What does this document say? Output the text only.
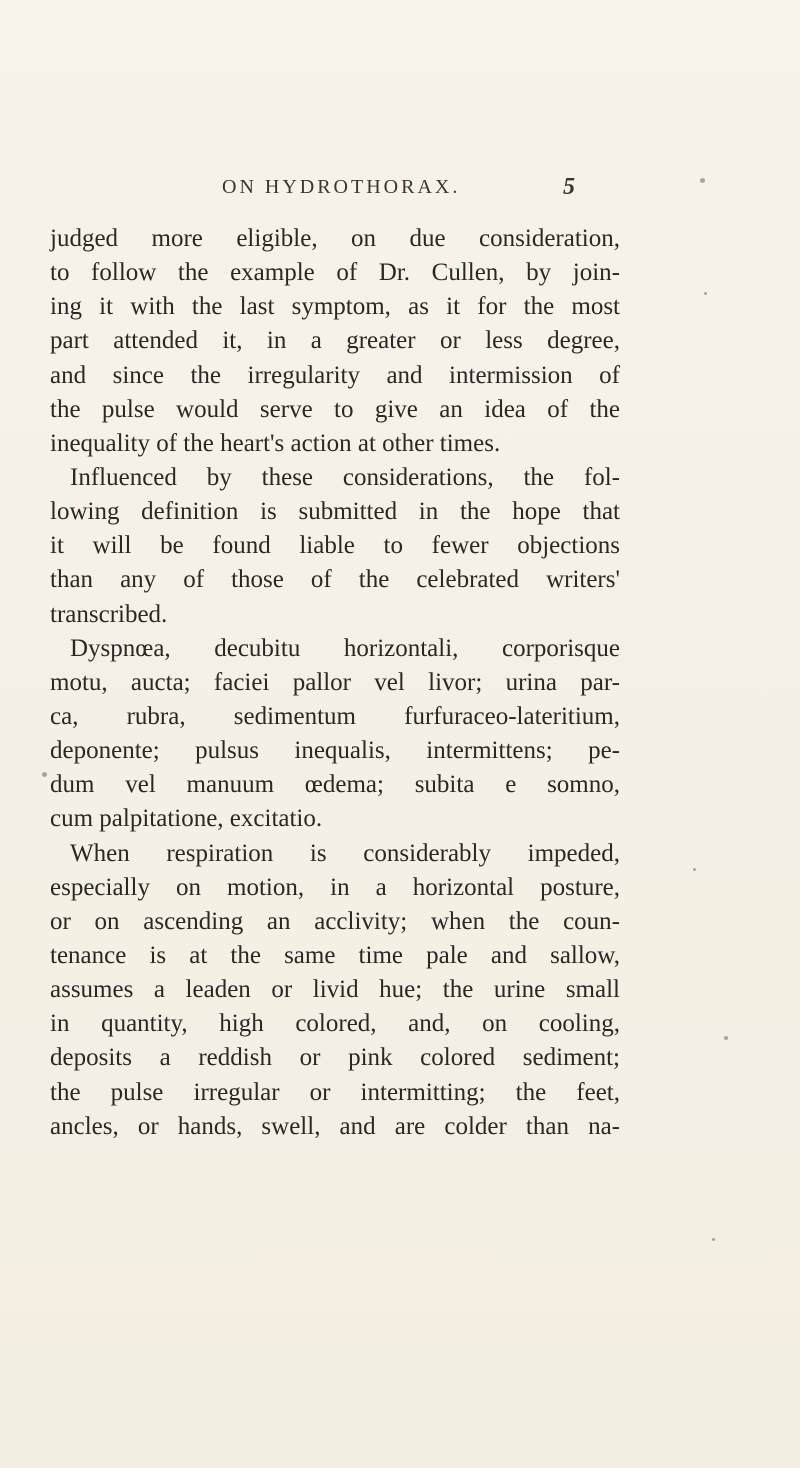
ON HYDROTHORAX.	5
judged more eligible, on due consideration,
to follow the example of Dr. Cullen, by join-
ing it with the last symptom, as it for the most
part attended it, in a greater or less degree,
and since the irregularity and intermission of
the pulse would serve to give an idea of the
inequality of the heart's action at other times.
Influenced by these considerations, the fol-
lowing definition is submitted in the hope that
it will be found liable to fewer objections
than any of those of the celebrated writers'
transcribed.
Dyspnœa, decubitu horizontali, corporisque
motu, aucta; faciei pallor vel livor; urina par-
ca, rubra, sedimentum furfuraceo-lateritium,
deponente; pulsus inequalis, intermittens; pe-
dum vel manuum œdema; subita e somno,
cum palpitatione, excitatio.
When respiration is considerably impeded,
especially on motion, in a horizontal posture,
or on ascending an acclivity; when the coun-
tenance is at the same time pale and sallow,
assumes a leaden or livid hue; the urine small
in quantity, high colored, and, on cooling,
deposits a reddish or pink colored sediment;
the pulse irregular or intermitting; the feet,
ancles, or hands, swell, and are colder than na-
